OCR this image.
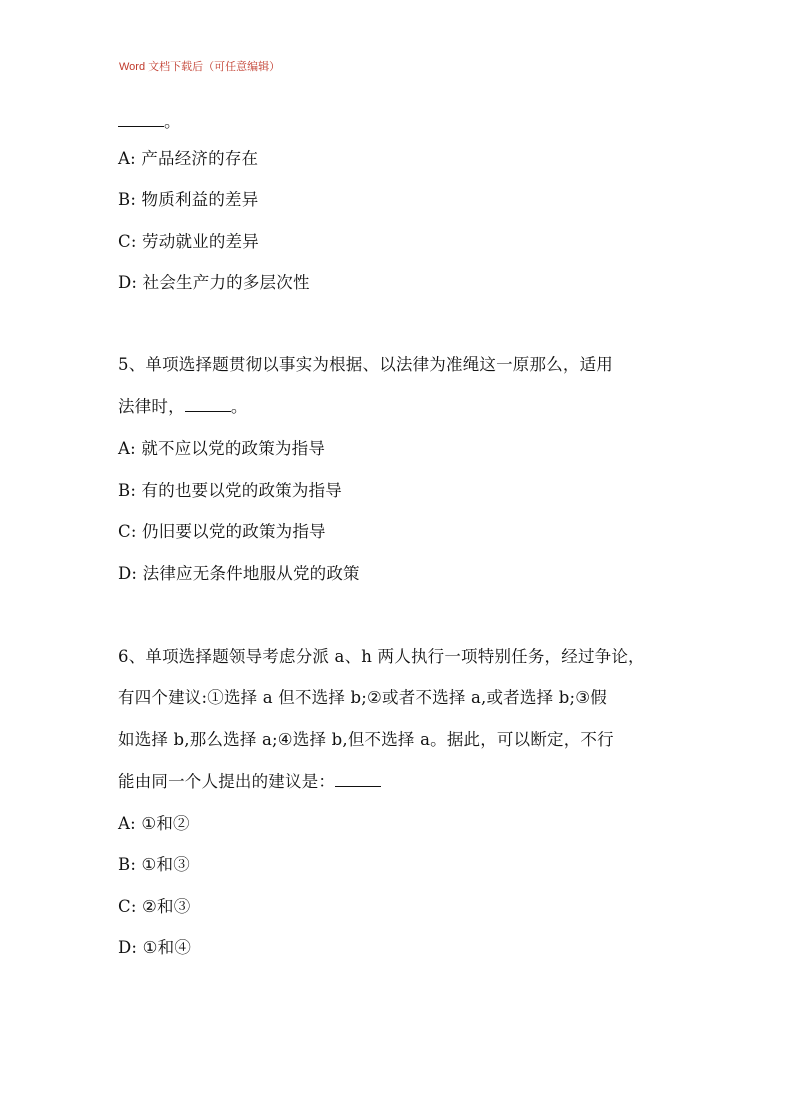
Word 文档下载后（可任意编辑）
。
A: 产品经济的存在
B: 物质利益的差异
C: 劳动就业的差异
D: 社会生产力的多层次性
5、单项选择题贯彻以事实为根据、以法律为准绳这一原那么，适用
法律时，	。
A: 就不应以党的政策为指导
B: 有的也要以党的政策为指导
C: 仍旧要以党的政策为指导
D: 法律应无条件地服从党的政策
6、单项选择题领导考虑分派 a、h 两人执行一项特别任务，经过争论，
有四个建议:①选择 a 但不选择 b;②或者不选择 a,或者选择 b;③假
如选择 b,那么选择 a;④选择 b,但不选择 a。据此，可以断定，不行
能由同一个人提出的建议是：
A: ①和②
B: ①和③
C: ②和③
D: ①和④
